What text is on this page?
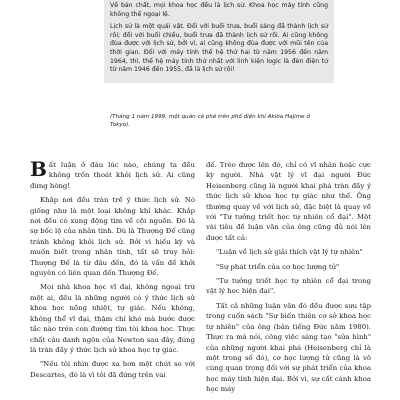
Về bản chất, mọi khoa học đều là lịch sử. Khoa học máy tính cũng không thể ngoại lệ.

Lịch sử là một quái vật. Đối với buổi trưa, buổi sáng đã thành lịch sử rồi; đối với buổi chiều, buổi trưa đã thành lịch sử rồi. Ai cũng không đùa được với lịch sử, bởi vì, ai cũng không đùa được với mũi tên của thời gian. Đối với máy tính thế hệ thứ hai từ năm 1956 đến năm 1964, thì, thế hệ máy tính thứ nhất với linh kiện logic là đèn điện tử từ năm 1946 đến 1955, đã là lịch sử rồi!

(Tháng 1 năm 1999, một quán cà phê trên phố điện khí Akiba Hajime ở Tokyo).

Bất luận ở đâu lúc nào, chúng ta đều không trốn thoát khỏi lịch sử. Ai cũng đừng hòng!

Khắp nơi đều tràn trề ý thức lịch sử. Nó giống như là một loại không khí khác. Khắp nơi đều có xung động tìm về cội nguồn. Đó là sự bốc lộ của nhân tính. Dù là Thượng Đế cũng tránh không khỏi lịch sử. Bởi vì hiếu kỳ và muốn biết trong nhân tính, tất sẽ truy hỏi: Thượng Đế là từ đâu đến, đó là vấn đề khởi nguyên có liên quan đến Thượng Đế.

Mọi nhà khoa học vĩ đại, không ngoại trừ một ai, đều là những người có ý thức lịch sử khoa học nồng nhiệt, tự giác. Nếu không, không thể vĩ đại, thậm chí khó mà bước được tắc nào trên con đường tìm tòi khoa học. Thực chất câu danh ngôn của Newton sau đây, đúng là tràn đầy ý thức lịch sử khoa học tự giác.

"Nếu tôi nhìn được xa hơn một chút so với Descartes, đó là vì tôi đã đứng trên vai

đế. Trèo được lên đó, chỉ có vĩ nhân hoặc cực kỳ người. Nhà vật lý vĩ đại người Đức Heisenberg cũng là người khai phá tràn đầy ý thức lịch sử khoa học tự giác như thế. Ông thường quay về với lịch sử, đặc biệt là quay về với "Tư tưởng triết học tự nhiên cổ đại". Một vài tiêu đề luận văn của ông cũng đủ nói lên được tất cả:

"Luận về lịch sử giải thích vật lý tự nhiên"

"Sự phát triển của cơ học lượng tử"

"Tư tưởng triết học tự nhiên cổ đại trong vật lý học hiện đại".

Tất cả những luận văn đó đều được sưu tập trong cuốn sách "Sự biến thiên cơ sở khoa học tự nhiên" của ông (bản tiếng Đức năm 1980). Thực ra mà nói, công việc sáng tạo "sửa hình" của những người khai phá (Heisenberg chỉ là một trong số đó), cơ học lượng tử cũng là vô cùng quan trọng đối với sự phát triển của khoa học máy tính hiện đại. Bởi vì, sự cất cánh khoa học máy
